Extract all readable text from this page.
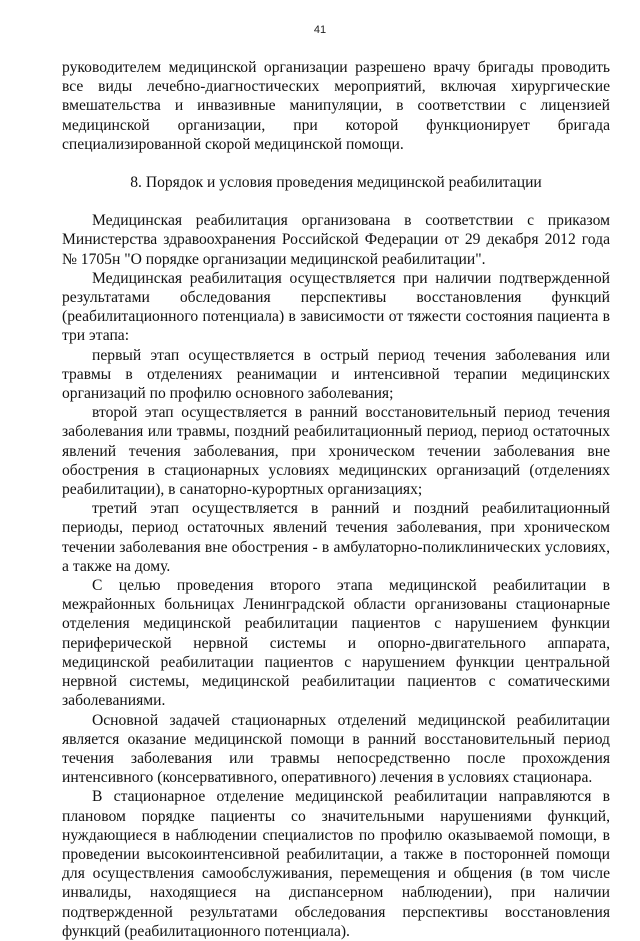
41

руководителем медицинской организации разрешено врачу бригады проводить все виды лечебно-диагностических мероприятий, включая хирургические вмешательства и инвазивные манипуляции, в соответствии с лицензией медицинской организации, при которой функционирует бригада специализированной скорой медицинской помощи.

8. Порядок и условия проведения медицинской реабилитации

Медицинская реабилитация организована в соответствии с приказом Министерства здравоохранения Российской Федерации от 29 декабря 2012 года № 1705н "О порядке организации медицинской реабилитации".

Медицинская реабилитация осуществляется при наличии подтвержденной результатами обследования перспективы восстановления функций (реабилитационного потенциала) в зависимости от тяжести состояния пациента в три этапа:

первый этап осуществляется в острый период течения заболевания или травмы в отделениях реанимации и интенсивной терапии медицинских организаций по профилю основного заболевания;

второй этап осуществляется в ранний восстановительный период течения заболевания или травмы, поздний реабилитационный период, период остаточных явлений течения заболевания, при хроническом течении заболевания вне обострения в стационарных условиях медицинских организаций (отделениях реабилитации), в санаторно-курортных организациях;

третий этап осуществляется в ранний и поздний реабилитационный периоды, период остаточных явлений течения заболевания, при хроническом течении заболевания вне обострения - в амбулаторно-поликлинических условиях, а также на дому.

С целью проведения второго этапа медицинской реабилитации в межрайонных больницах Ленинградской области организованы стационарные отделения медицинской реабилитации пациентов с нарушением функции периферической нервной системы и опорно-двигательного аппарата, медицинской реабилитации пациентов с нарушением функции центральной нервной системы, медицинской реабилитации пациентов с соматическими заболеваниями.

Основной задачей стационарных отделений медицинской реабилитации является оказание медицинской помощи в ранний восстановительный период течения заболевания или травмы непосредственно после прохождения интенсивного (консервативного, оперативного) лечения в условиях стационара.

В стационарное отделение медицинской реабилитации направляются в плановом порядке пациенты со значительными нарушениями функций, нуждающиеся в наблюдении специалистов по профилю оказываемой помощи, в проведении высокоинтенсивной реабилитации, а также в посторонней помощи для осуществления самообслуживания, перемещения и общения (в том числе инвалиды, находящиеся на диспансерном наблюдении), при наличии подтвержденной результатами обследования перспективы восстановления функций (реабилитационного потенциала).
